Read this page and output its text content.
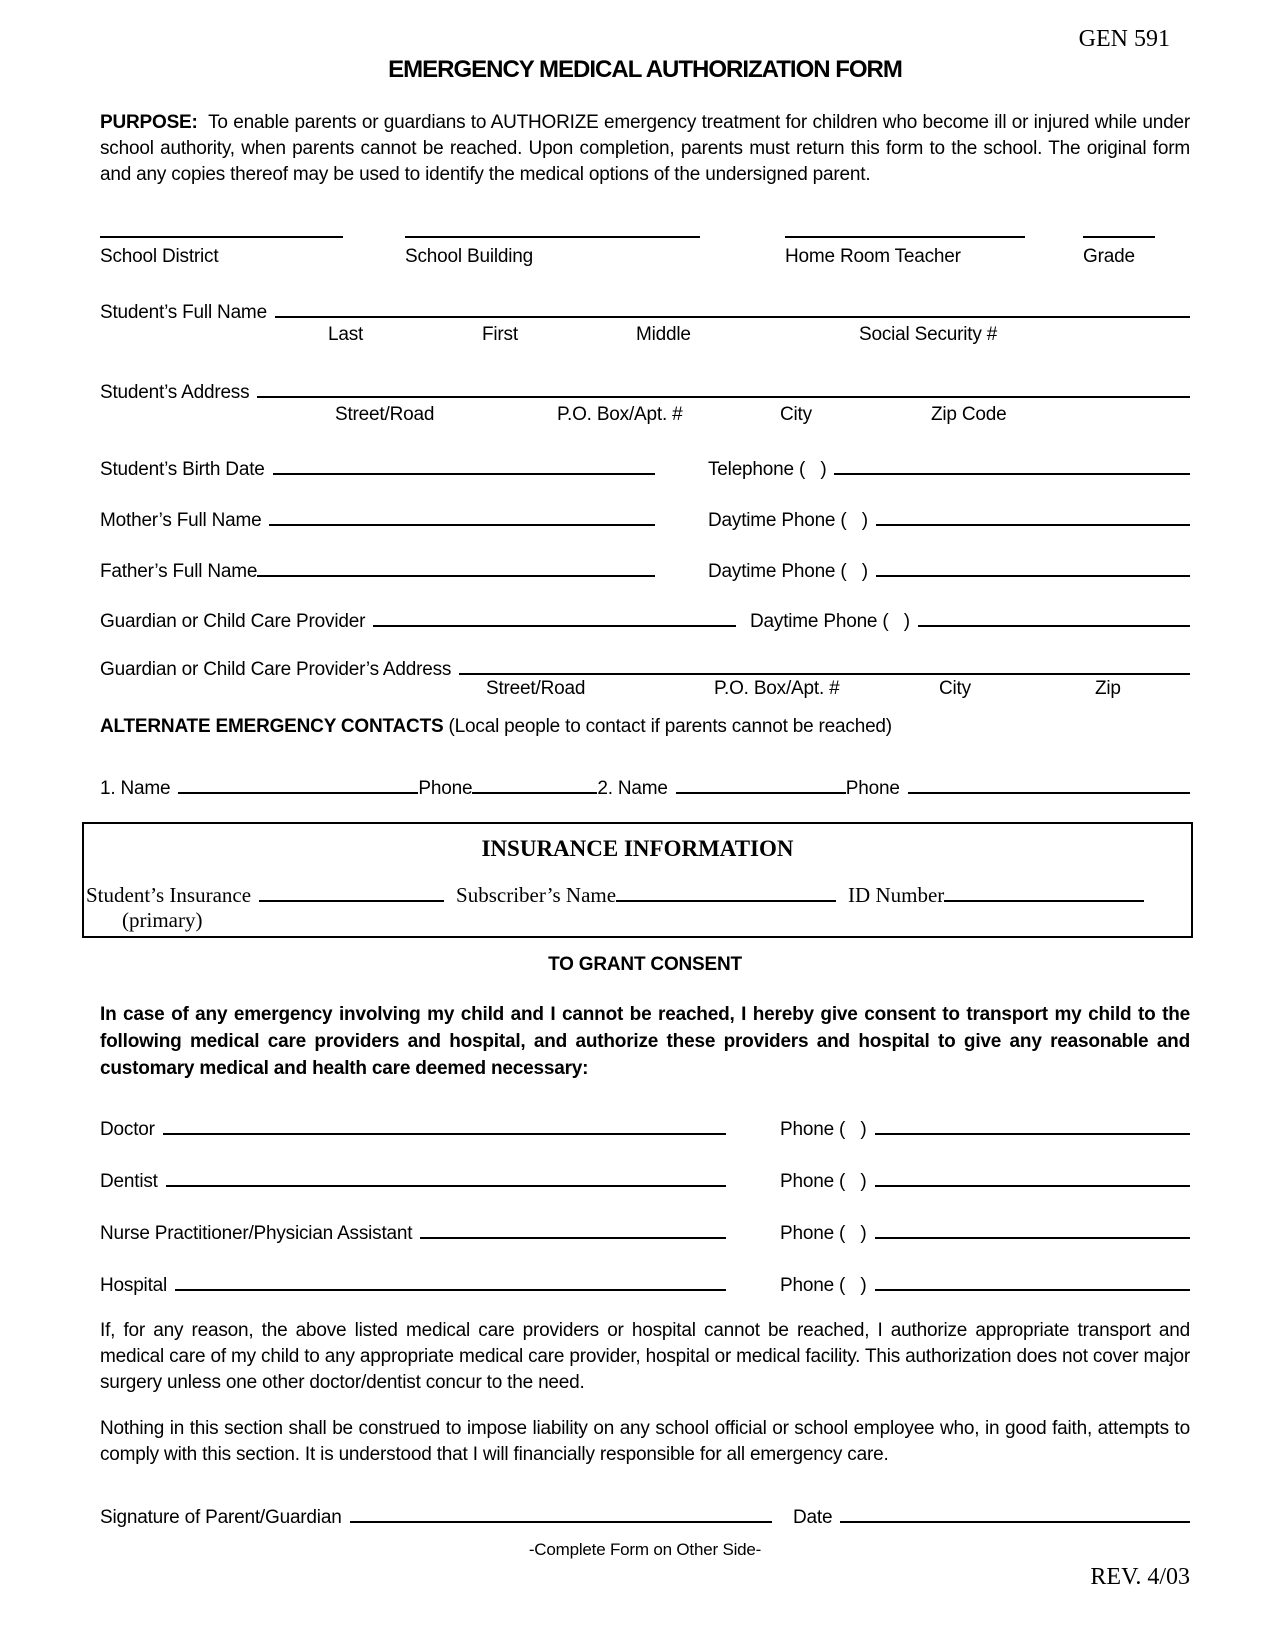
GEN 591
EMERGENCY MEDICAL AUTHORIZATION FORM

PURPOSE: To enable parents or guardians to AUTHORIZE emergency treatment for children who become ill or injured while under school authority, when parents cannot be reached. Upon completion, parents must return this form to the school. The original form and any copies thereof may be used to identify the medical options of the undersigned parent.

School District	School Building	Home Room Teacher	Grade
Student’s Full Name
Last	First	Middle	Social Security #
Student’s Address
Street/Road	P.O. Box/Apt. #	City	Zip Code
Student’s Birth Date	Telephone (   )
Mother’s Full Name	Daytime Phone (   )
Father’s Full Name	Daytime Phone (   )
Guardian or Child Care Provider	Daytime Phone (   )
Guardian or Child Care Provider’s Address
Street/Road	P.O. Box/Apt. #	City	Zip
ALTERNATE EMERGENCY CONTACTS (Local people to contact if parents cannot be reached)
1. Name	Phone	2. Name	Phone
INSURANCE INFORMATION
Student’s Insurance	Subscriber’s Name	ID Number
(primary)
TO GRANT CONSENT

In case of any emergency involving my child and I cannot be reached, I hereby give consent to transport my child to the following medical care providers and hospital, and authorize these providers and hospital to give any reasonable and customary medical and health care deemed necessary:

Doctor	Phone (   )
Dentist	Phone (   )
Nurse Practitioner/Physician Assistant	Phone (   )
Hospital	Phone (   )

If, for any reason, the above listed medical care providers or hospital cannot be reached, I authorize appropriate transport and medical care of my child to any appropriate medical care provider, hospital or medical facility. This authorization does not cover major surgery unless one other doctor/dentist concur to the need.

Nothing in this section shall be construed to impose liability on any school official or school employee who, in good faith, attempts to comply with this section. It is understood that I will financially responsible for all emergency care.

Signature of Parent/Guardian	Date
-Complete Form on Other Side-
REV. 4/03
